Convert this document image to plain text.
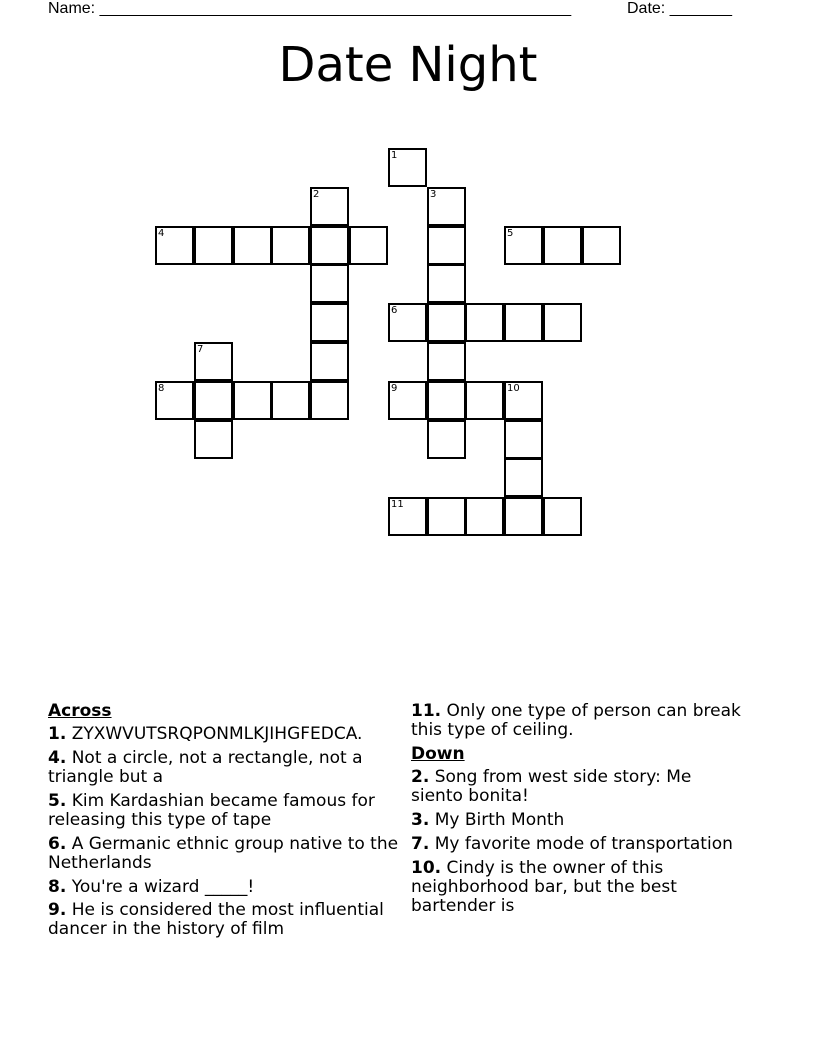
Name: _____________________________________________________	Date: _______
Date Night
1
2	3
4	5
6
7
8	9	10
11
Across
1. ZYXWVUTSRQPONMLKJIHGFEDCA.
4. Not a circle, not a rectangle, not a triangle but a
5. Kim Kardashian became famous for releasing this type of tape
6. A Germanic ethnic group native to the Netherlands
8. You're a wizard _____!
9. He is considered the most influential dancer in the history of film
11. Only one type of person can break this type of ceiling.
Down
2. Song from west side story: Me siento bonita!
3. My Birth Month
7. My favorite mode of transportation
10. Cindy is the owner of this neighborhood bar, but the best bartender is
